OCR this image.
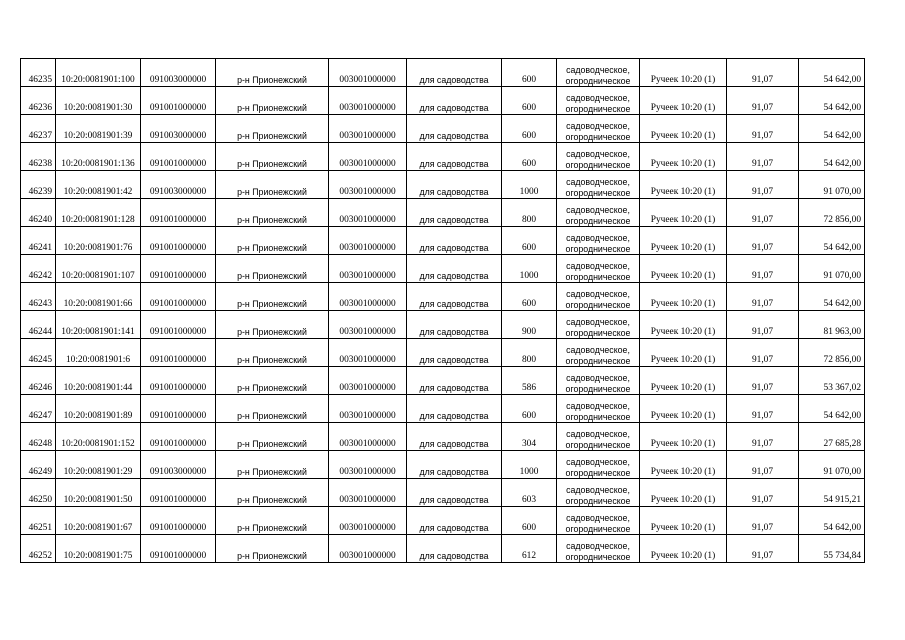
46235	10:20:0081901:100	091003000000	р-н Прионежский	003001000000	для садоводства	600	садоводческое,
огородническое	Ручеек 10:20 (1)	91,07	54 642,00
46236	10:20:0081901:30	091001000000	р-н Прионежский	003001000000	для садоводства	600	садоводческое,
огородническое	Ручеек 10:20 (1)	91,07	54 642,00
46237	10:20:0081901:39	091003000000	р-н Прионежский	003001000000	для садоводства	600	садоводческое,
огородническое	Ручеек 10:20 (1)	91,07	54 642,00
46238	10:20:0081901:136	091001000000	р-н Прионежский	003001000000	для садоводства	600	садоводческое,
огородническое	Ручеек 10:20 (1)	91,07	54 642,00
46239	10:20:0081901:42	091003000000	р-н Прионежский	003001000000	для садоводства	1000	садоводческое,
огородническое	Ручеек 10:20 (1)	91,07	91 070,00
46240	10:20:0081901:128	091001000000	р-н Прионежский	003001000000	для садоводства	800	садоводческое,
огородническое	Ручеек 10:20 (1)	91,07	72 856,00
46241	10:20:0081901:76	091001000000	р-н Прионежский	003001000000	для садоводства	600	садоводческое,
огородническое	Ручеек 10:20 (1)	91,07	54 642,00
46242	10:20:0081901:107	091001000000	р-н Прионежский	003001000000	для садоводства	1000	садоводческое,
огородническое	Ручеек 10:20 (1)	91,07	91 070,00
46243	10:20:0081901:66	091001000000	р-н Прионежский	003001000000	для садоводства	600	садоводческое,
огородническое	Ручеек 10:20 (1)	91,07	54 642,00
46244	10:20:0081901:141	091001000000	р-н Прионежский	003001000000	для садоводства	900	садоводческое,
огородническое	Ручеек 10:20 (1)	91,07	81 963,00
46245	10:20:0081901:6	091001000000	р-н Прионежский	003001000000	для садоводства	800	садоводческое,
огородническое	Ручеек 10:20 (1)	91,07	72 856,00
46246	10:20:0081901:44	091001000000	р-н Прионежский	003001000000	для садоводства	586	садоводческое,
огородническое	Ручеек 10:20 (1)	91,07	53 367,02
46247	10:20:0081901:89	091001000000	р-н Прионежский	003001000000	для садоводства	600	садоводческое,
огородническое	Ручеек 10:20 (1)	91,07	54 642,00
46248	10:20:0081901:152	091001000000	р-н Прионежский	003001000000	для садоводства	304	садоводческое,
огородническое	Ручеек 10:20 (1)	91,07	27 685,28
46249	10:20:0081901:29	091003000000	р-н Прионежский	003001000000	для садоводства	1000	садоводческое,
огородническое	Ручеек 10:20 (1)	91,07	91 070,00
46250	10:20:0081901:50	091001000000	р-н Прионежский	003001000000	для садоводства	603	садоводческое,
огородническое	Ручеек 10:20 (1)	91,07	54 915,21
46251	10:20:0081901:67	091001000000	р-н Прионежский	003001000000	для садоводства	600	садоводческое,
огородническое	Ручеек 10:20 (1)	91,07	54 642,00
46252	10:20:0081901:75	091001000000	р-н Прионежский	003001000000	для садоводства	612	садоводческое,
огородническое	Ручеек 10:20 (1)	91,07	55 734,84
